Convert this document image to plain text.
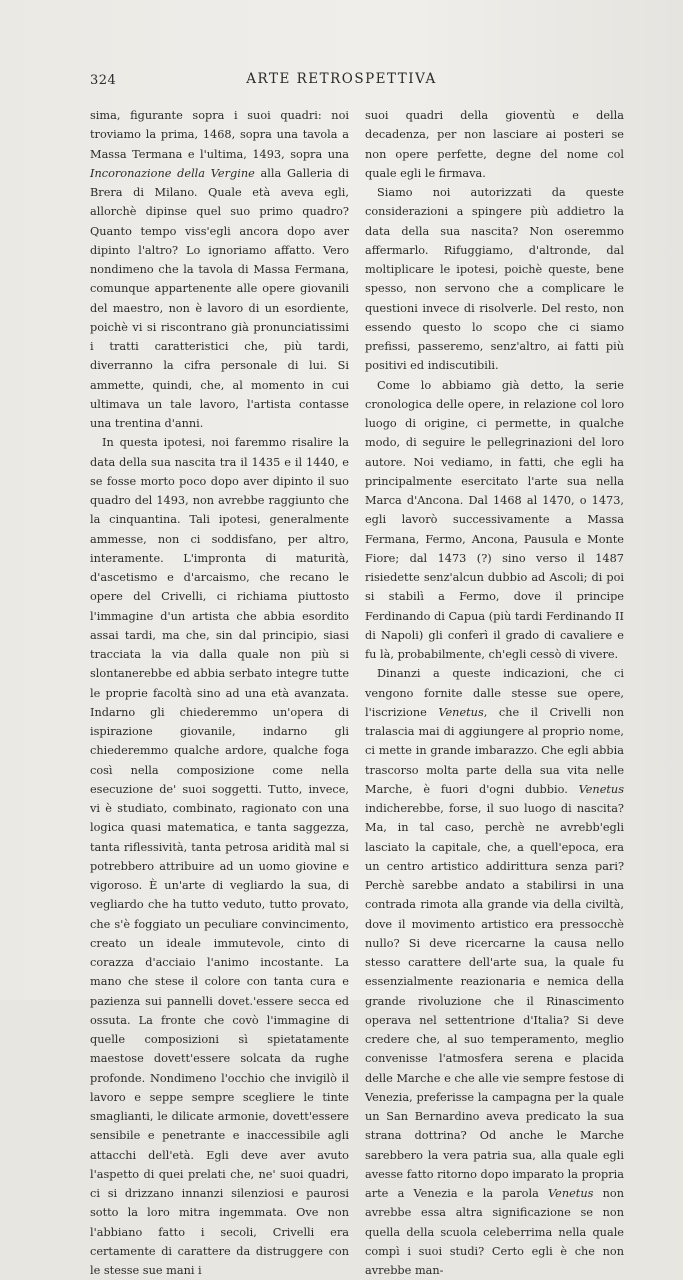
324	ARTE RETROSPETTIVA

sima, figurante sopra i suoi quadri: noi troviamo la prima, 1468, sopra una tavola a Massa Termana e l'ultima, 1493, sopra una Incoronazione della Vergine alla Galleria di Brera di Milano. Quale età aveva egli, allorchè dipinse quel suo primo quadro? Quanto tempo viss'egli ancora dopo aver dipinto l'altro? Lo ignoriamo affatto. Vero nondimeno che la tavola di Massa Fermana, comunque appartenente alle opere giovanili del maestro, non è lavoro di un esordiente, poichè vi si riscontrano già pronunciatissimi i tratti caratteristici che, più tardi, diverranno la cifra personale di lui. Si ammette, quindi, che, al momento in cui ultimava un tale lavoro, l'artista contasse una trentina d'anni.

In questa ipotesi, noi faremmo risalire la data della sua nascita tra il 1435 e il 1440, e se fosse morto poco dopo aver dipinto il suo quadro del 1493, non avrebbe raggiunto che la cinquantina. Tali ipotesi, generalmente ammesse, non ci soddisfano, per altro, interamente. L'impronta di maturità, d'ascetismo e d'arcaismo, che recano le opere del Crivelli, ci richiama piuttosto l'immagine d'un artista che abbia esordito assai tardi, ma che, sin dal principio, siasi tracciata la via dalla quale non più si slontanerebbe ed abbia serbato integre tutte le proprie facoltà sino ad una età avanzata. Indarno gli chiederemmo un'opera di ispirazione giovanile, indarno gli chiederemmo qualche ardore, qualche foga così nella composizione come nella esecuzione de' suoi soggetti. Tutto, invece, vi è studiato, combinato, ragionato con una logica quasi matematica, e tanta saggezza, tanta riflessività, tanta petrosa aridità mal si potrebbero attribuire ad un uomo giovine e vigoroso. È un'arte di vegliardo la sua, di vegliardo che ha tutto veduto, tutto provato, che s'è foggiato un peculiare convincimento, creato un ideale immutevole, cinto di corazza d'acciaio l'animo incostante. La mano che stese il colore con tanta cura e pazienza sui pannelli dovet.'essere secca ed ossuta. La fronte che covò l'immagine di quelle composizioni sì spietatamente maestose dovett'essere solcata da rughe profonde. Nondimeno l'occhio che invigilò il lavoro e seppe sempre scegliere le tinte smaglianti, le dilicate armonie, dovett'essere sensibile e penetrante e inaccessibile agli attacchi dell'età. Egli deve aver avuto l'aspetto di quei prelati che, ne' suoi quadri, ci si drizzano innanzi silenziosi e paurosi sotto la loro mitra ingemmata. Ove non l'abbiano fatto i secoli, Crivelli era certamente di carattere da distruggere con le stesse sue mani i

suoi quadri della gioventù e della decadenza, per non lasciare ai posteri se non opere perfette, degne del nome col quale egli le firmava.

Siamo noi autorizzati da queste considerazioni a spingere più addietro la data della sua nascita? Non oseremmo affermarlo. Rifuggiamo, d'altronde, dal moltiplicare le ipotesi, poichè queste, bene spesso, non servono che a complicare le questioni invece di risolverle. Del resto, non essendo questo lo scopo che ci siamo prefissi, passeremo, senz'altro, ai fatti più positivi ed indiscutibili.

Come lo abbiamo già detto, la serie cronologica delle opere, in relazione col loro luogo di origine, ci permette, in qualche modo, di seguire le pellegrinazioni del loro autore. Noi vediamo, in fatti, che egli ha principalmente esercitato l'arte sua nella Marca d'Ancona. Dal 1468 al 1470, o 1473, egli lavorò successivamente a Massa Fermana, Fermo, Ancona, Pausula e Monte Fiore; dal 1473 (?) sino verso il 1487 risiedette senz'alcun dubbio ad Ascoli; di poi si stabilì a Fermo, dove il principe Ferdinando di Capua (più tardi Ferdinando II di Napoli) gli conferì il grado di cavaliere e fu là, probabilmente, ch'egli cessò di vivere.

Dinanzi a queste indicazioni, che ci vengono fornite dalle stesse sue opere, l'iscrizione Venetus, che il Crivelli non tralascia mai di aggiungere al proprio nome, ci mette in grande imbarazzo. Che egli abbia trascorso molta parte della sua vita nelle Marche, è fuori d'ogni dubbio. Venetus indicherebbe, forse, il suo luogo di nascita? Ma, in tal caso, perchè ne avrebb'egli lasciato la capitale, che, a quell'epoca, era un centro artistico addirittura senza pari? Perchè sarebbe andato a stabilirsi in una contrada rimota alla grande via della civiltà, dove il movimento artistico era pressocchè nullo? Si deve ricercarne la causa nello stesso carattere dell'arte sua, la quale fu essenzialmente reazionaria e nemica della grande rivoluzione che il Rinascimento operava nel settentrione d'Italia? Si deve credere che, al suo temperamento, meglio convenisse l'atmosfera serena e placida delle Marche e che alle vie sempre festose di Venezia, preferisse la campagna per la quale un San Bernardino aveva predicato la sua strana dottrina? Od anche le Marche sarebbero la vera patria sua, alla quale egli avesse fatto ritorno dopo imparato la propria arte a Venezia e la parola Venetus non avrebbe essa altra significazione se non quella della scuola celeberrima nella quale compì i suoi studi? Certo egli è che non avrebbe man-
